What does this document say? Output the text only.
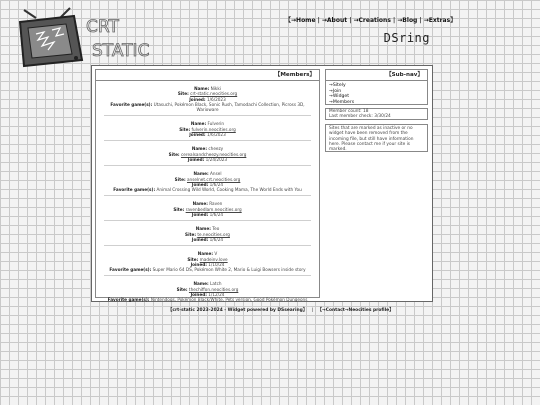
CRT
STATIC
【→Home | →About | →Creations | →Blog | →Extras】
DSring
【Members】
Name: Nikki
Site: crt-static.neocities.org
Joined: 1/6/2023
Favorite game(s): Utasuchi, Pokémon Black, Sonic Rush, Tamodachi Collection, Picross 3D, Warioware
Name: Fulverin
Site: fulverin.neocities.org
Joined: 1/6/2023
Name: cheezy
Site: cerealsandcheezy.neocities.org
Joined: 1/24/2023
Name: Ansel
Site: anselnet.crt.neocities.org
Joined: 1/6/24
Favorite game(s): Animal Crossing Wild World, Cooking Mama, The World Ends with You
Name: Raven
Site: ravenbedlam.neocities.org
Joined: 1/6/24
Name: Teo
Site: te.neocities.org
Joined: 1/6/24
Name: V
Site: madeinv.love
Joined: 1/10/24
Favorite game(s): Super Mario 64 DS, Pokémon White 2, Mario & Luigi Bowsers inside story
Name: Latch
Site: thechiffon.neocities.org
Joined: 1/12/24
Favorite game(s): Nintendogs, Pokémon Black/White, Pets version, Good Pokémon Dungeons
【Sub-nav】
→Sitely
→Join
→Widget
→Members
Member count: 18
Last member check: 3/30/24
Sites that are marked as inactive or no widget have been removed from the incoming file, but still have information here. Please contact me if your site is marked.
【crt-static 2023-2024 - Widget powered by DSsearing】 | 【→Contact→Neocities profile】
